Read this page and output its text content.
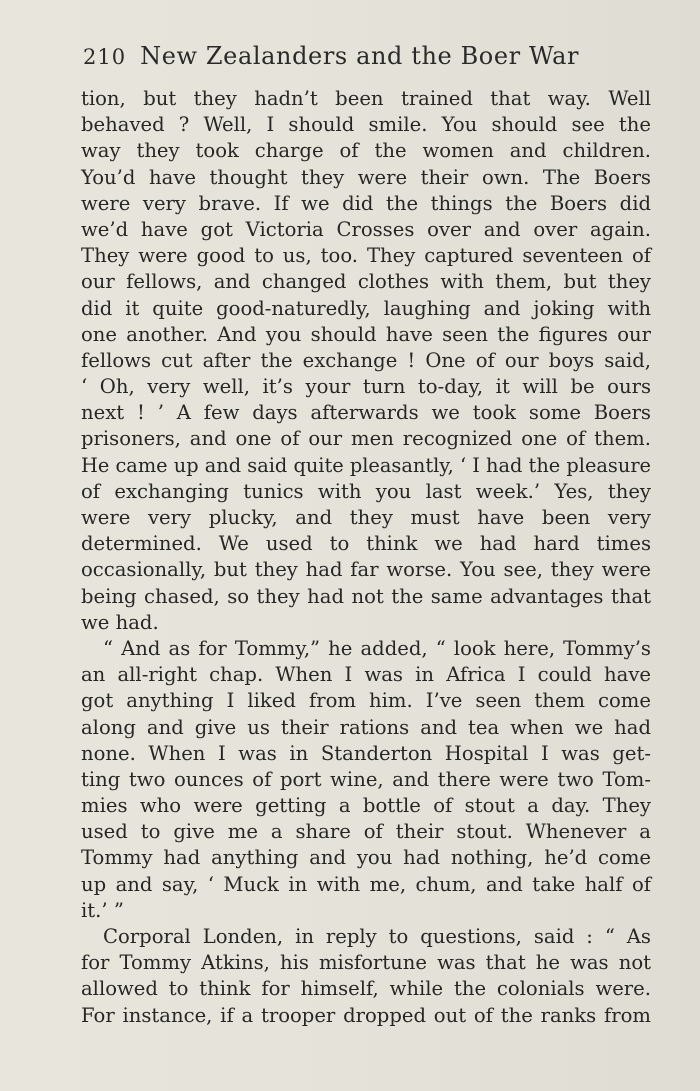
210 New Zealanders and the Boer War
tion, but they hadn’t been trained that way. Well
behaved ? Well, I should smile. You should see the
way they took charge of the women and children.
You’d have thought they were their own. The Boers
were very brave. If we did the things the Boers did
we’d have got Victoria Crosses over and over again.
They were good to us, too. They captured seventeen of
our fellows, and changed clothes with them, but they
did it quite good-naturedly, laughing and joking with
one another. And you should have seen the figures our
fellows cut after the exchange ! One of our boys said,
‘ Oh, very well, it’s your turn to-day, it will be ours
next ! ’ A few days afterwards we took some Boers
prisoners, and one of our men recognized one of them.
He came up and said quite pleasantly, ‘ I had the pleasure
of exchanging tunics with you last week.’ Yes, they
were very plucky, and they must have been very
determined. We used to think we had hard times
occasionally, but they had far worse. You see, they were
being chased, so they had not the same advantages that
we had.
“ And as for Tommy,” he added, “ look here, Tommy’s
an all-right chap. When I was in Africa I could have
got anything I liked from him. I’ve seen them come
along and give us their rations and tea when we had
none. When I was in Standerton Hospital I was get-
ting two ounces of port wine, and there were two Tom-
mies who were getting a bottle of stout a day. They
used to give me a share of their stout. Whenever a
Tommy had anything and you had nothing, he’d come
up and say, ‘ Muck in with me, chum, and take half of
it.’ ”
Corporal Londen, in reply to questions, said : “ As
for Tommy Atkins, his misfortune was that he was not
allowed to think for himself, while the colonials were.
For instance, if a trooper dropped out of the ranks from
